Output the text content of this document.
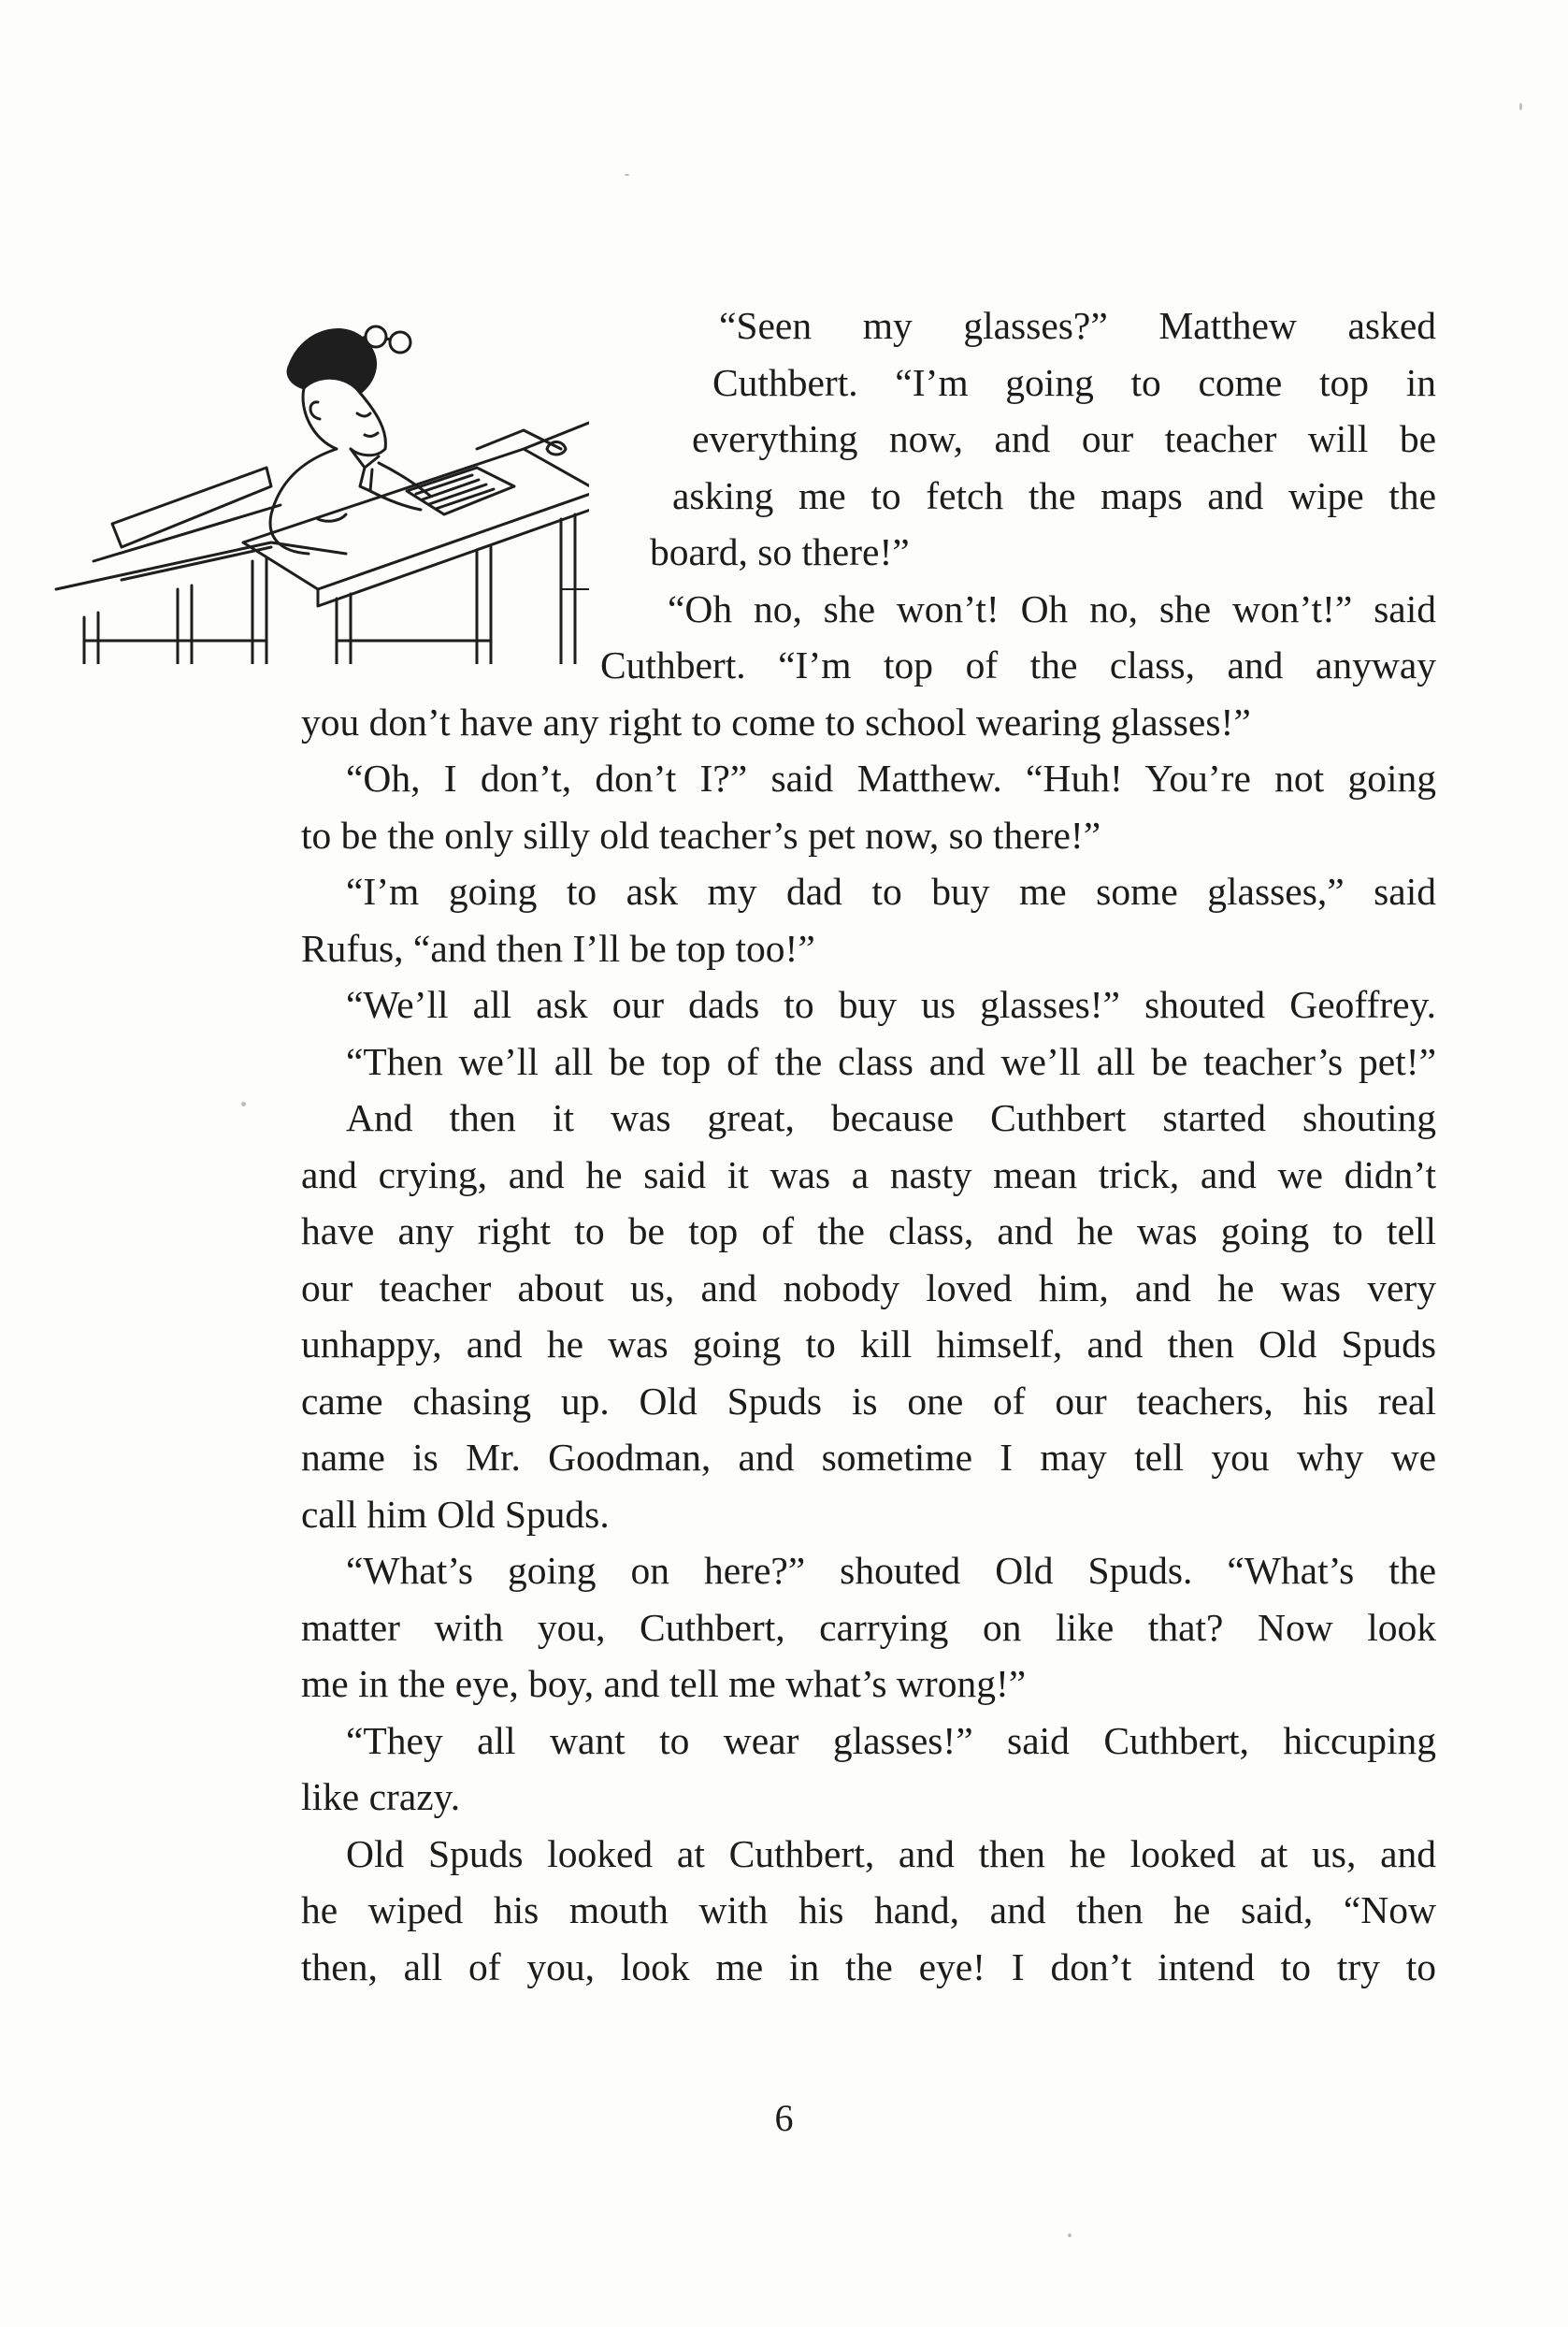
“Seen my glasses?” Matthew asked
Cuthbert. “I’m going to come top in
everything now, and our teacher will be
asking me to fetch the maps and wipe the
board, so there!”
“Oh no, she won’t! Oh no, she won’t!” said
Cuthbert. “I’m top of the class, and anyway
you don’t have any right to come to school wearing glasses!”
“Oh, I don’t, don’t I?” said Matthew. “Huh! You’re not going
to be the only silly old teacher’s pet now, so there!”
“I’m going to ask my dad to buy me some glasses,” said
Rufus, “and then I’ll be top too!”
“We’ll all ask our dads to buy us glasses!” shouted Geoffrey.
“Then we’ll all be top of the class and we’ll all be teacher’s pet!”
And then it was great, because Cuthbert started shouting
and crying, and he said it was a nasty mean trick, and we didn’t
have any right to be top of the class, and he was going to tell
our teacher about us, and nobody loved him, and he was very
unhappy, and he was going to kill himself, and then Old Spuds
came chasing up. Old Spuds is one of our teachers, his real
name is Mr. Goodman, and sometime I may tell you why we
call him Old Spuds.
“What’s going on here?” shouted Old Spuds. “What’s the
matter with you, Cuthbert, carrying on like that? Now look
me in the eye, boy, and tell me what’s wrong!”
“They all want to wear glasses!” said Cuthbert, hiccuping
like crazy.
Old Spuds looked at Cuthbert, and then he looked at us, and
he wiped his mouth with his hand, and then he said, “Now
then, all of you, look me in the eye! I don’t intend to try to
6
